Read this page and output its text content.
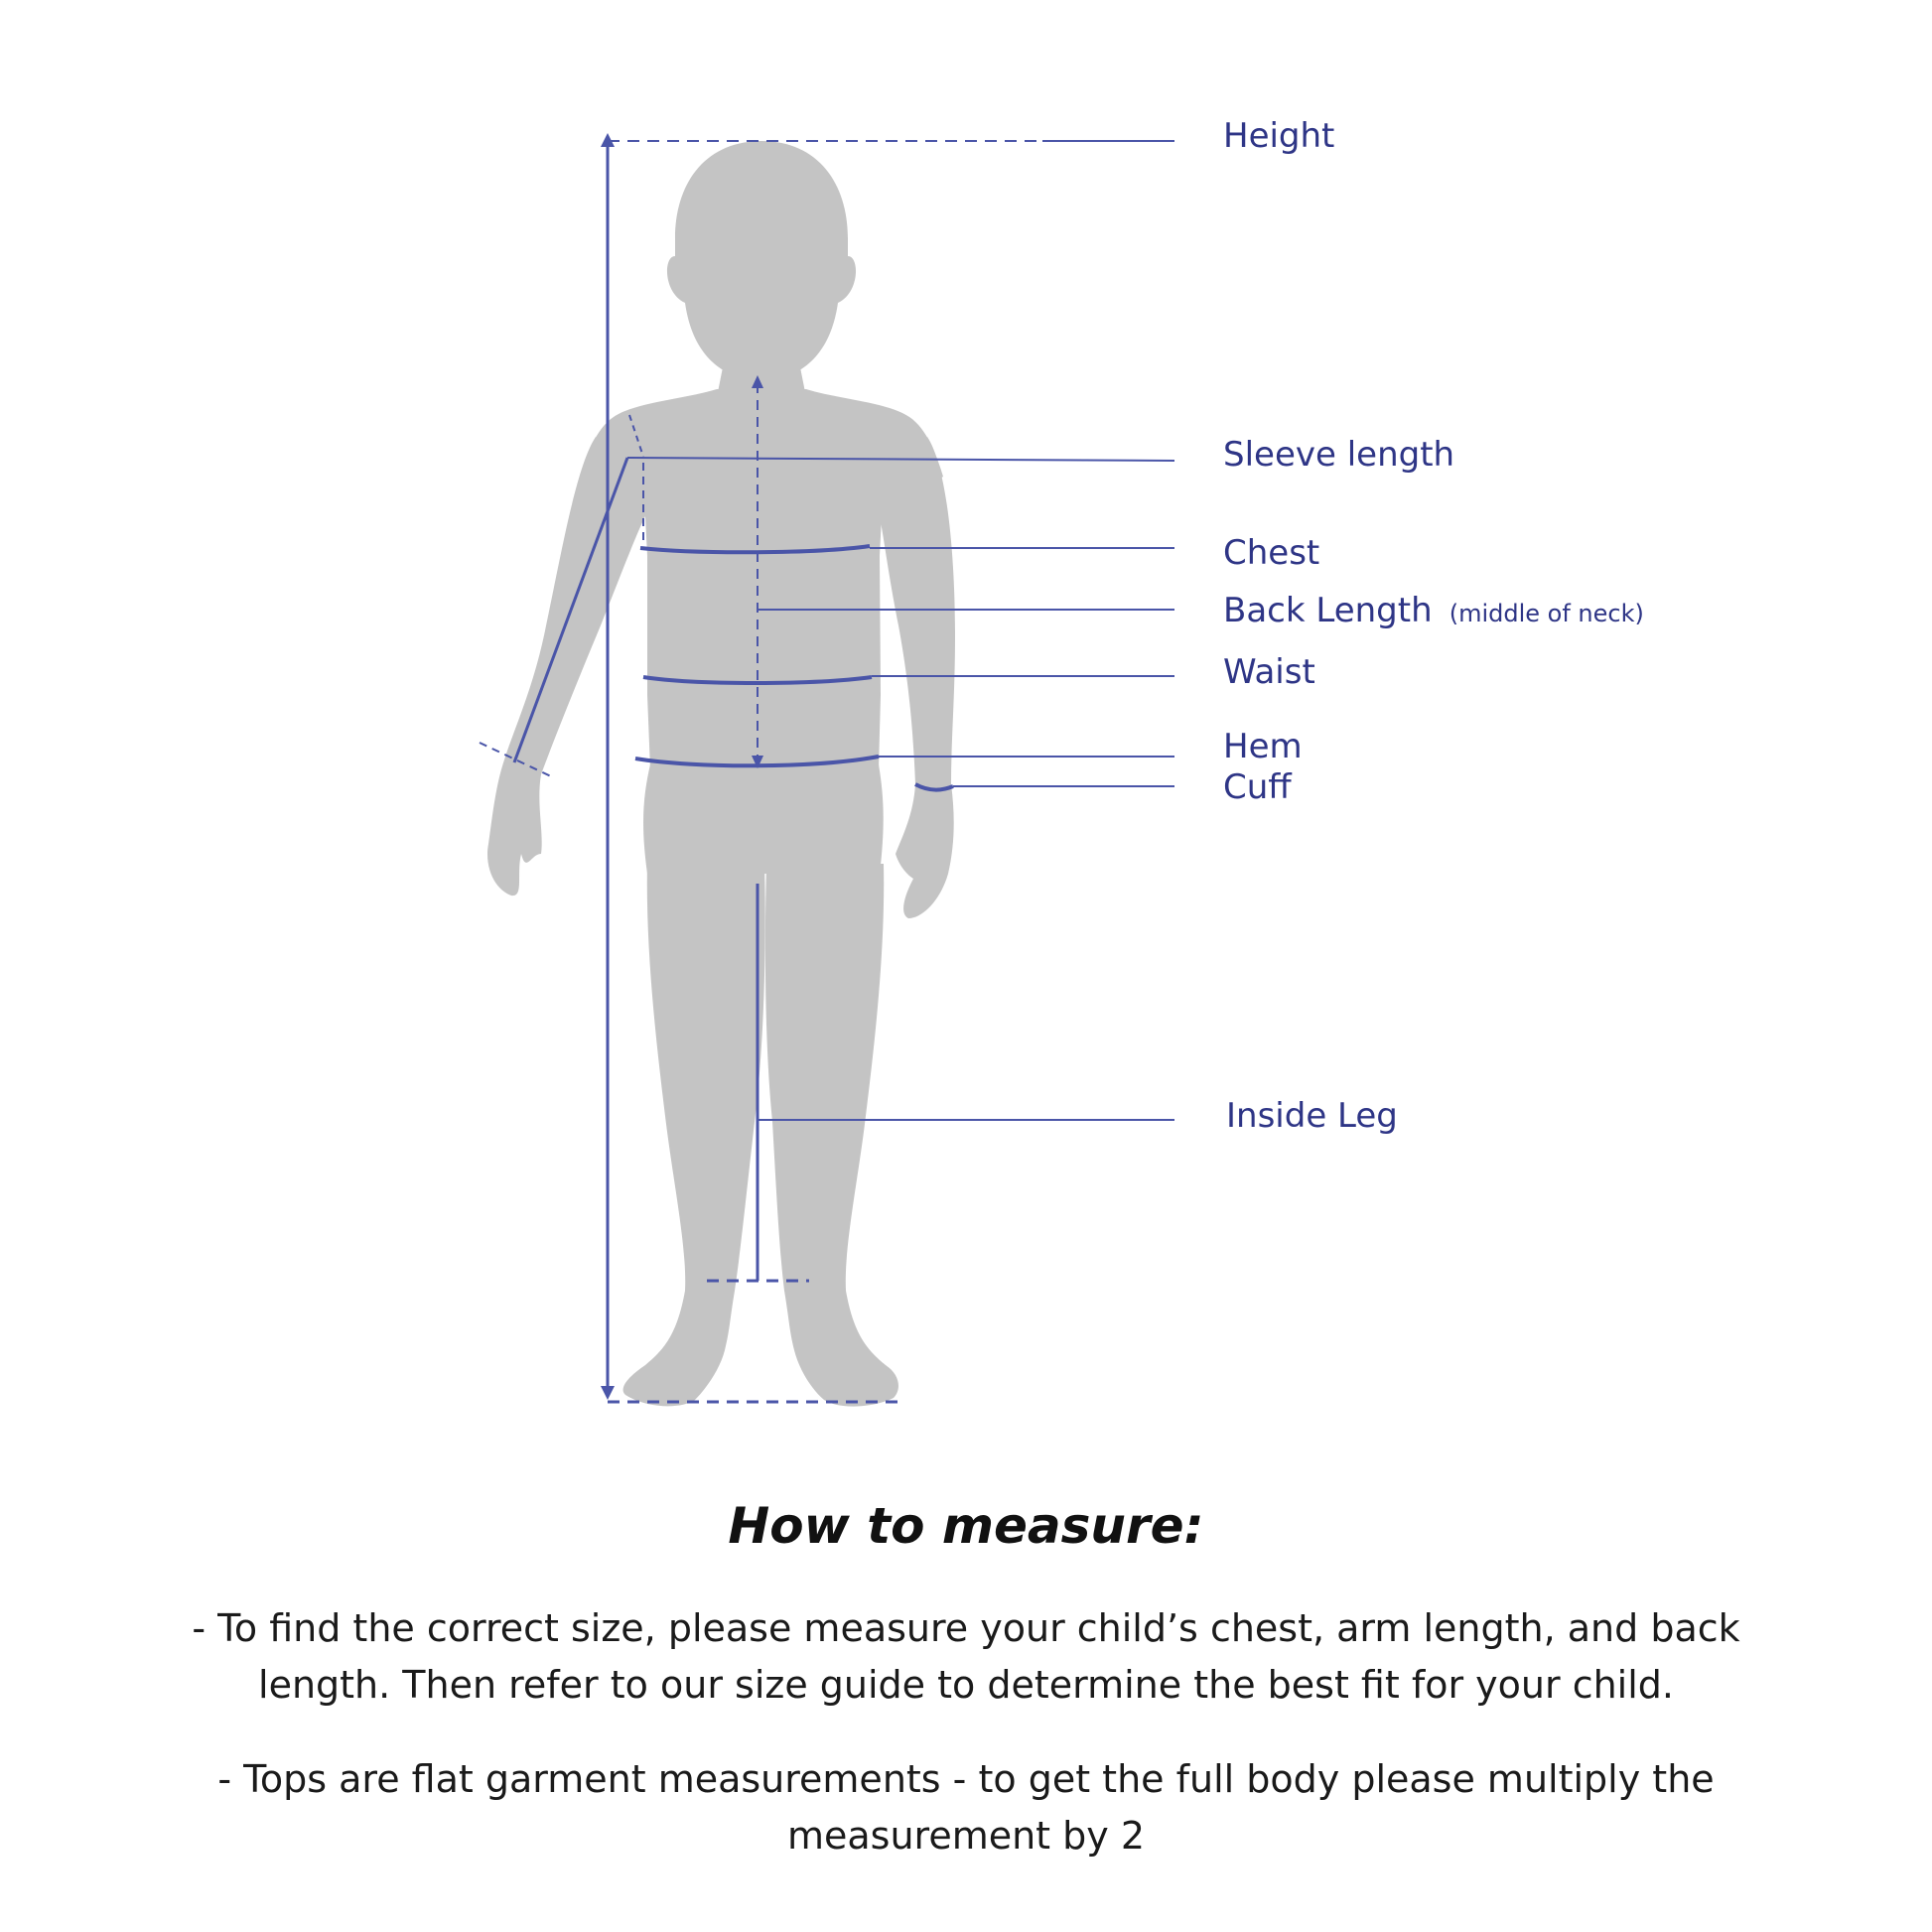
Height
Sleeve length
Chest
Back Length (middle of neck)
Waist
Hem
Cuff
Inside Leg
How to measure:

- To find the correct size, please measure your child’s chest, arm length, and back length. Then refer to our size guide to determine the best fit for your child.

- Tops are flat garment measurements - to get the full body please multiply the measurement by 2
